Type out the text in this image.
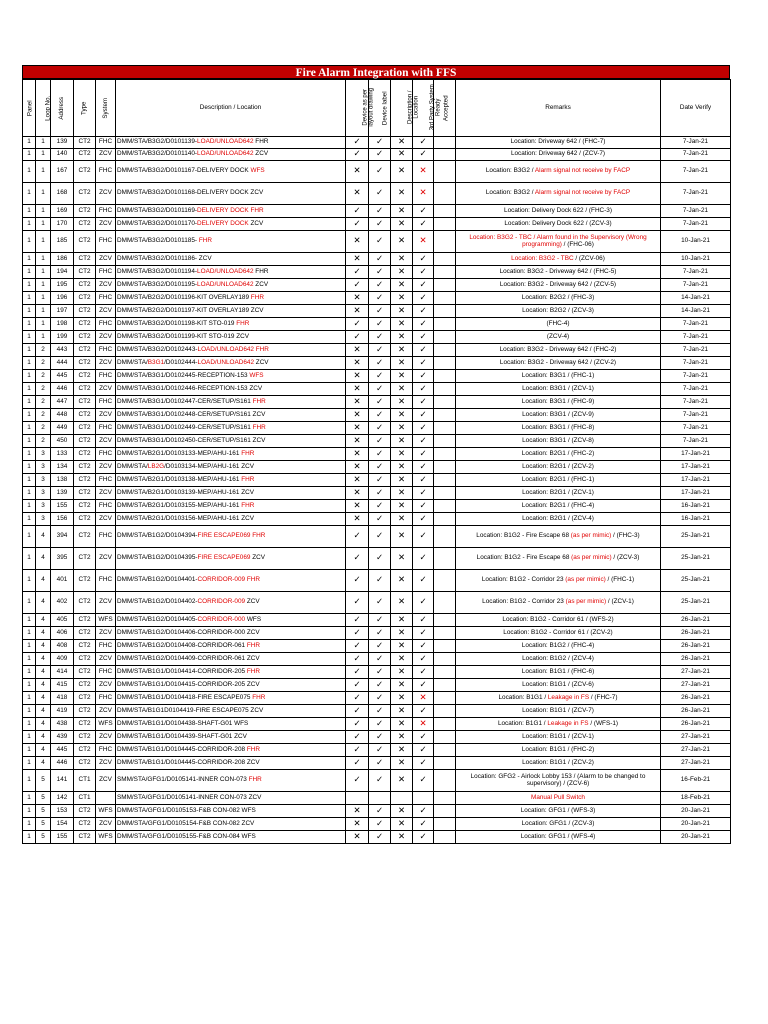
Fire Alarm Integration with FFS
Panel	Loop No.	Address	Type	System	Description / Location	Device as per layout drawing	Device label	Description / Location	3rd Party System Ready	Accepted	Remarks	Date Verify
1	1	139	CT2	FHC	DMM/STA/B3G2/D0101139-LOAD/UNLOAD642 FHR	✓	✓	✕	✓		Location: Driveway 642 / (FHC-7)	7-Jan-21
1	1	140	CT2	ZCV	DMM/STA/B3G2/D0101140-LOAD/UNLOAD642 ZCV	✓	✓	✕	✓		Location: Driveway 642 / (ZCV-7)	7-Jan-21
1	1	167	CT2	FHC	DMM/STA/B3G2/D0101167-DELIVERY DOCK WFS	✕	✓	✕	✕		Location: B3G2 / Alarm signal not receive by FACP	7-Jan-21
1	1	168	CT2	ZCV	DMM/STA/B3G2/D0101168-DELIVERY DOCK ZCV	✕	✓	✕	✕		Location: B3G2 / Alarm signal not receive by FACP	7-Jan-21
1	1	169	CT2	FHC	DMM/STA/B3G2/D0101169-DELIVERY DOCK FHR	✓	✓	✕	✓		Location: Delivery Dock 622 / (FHC-3)	7-Jan-21
1	1	170	CT2	ZCV	DMM/STA/B3G2/D0101170-DELIVERY DOCK ZCV	✓	✓	✕	✓		Location: Delivery Dock 622 / (ZCV-3)	7-Jan-21
1	1	185	CT2	FHC	DMM/STA/B3G2/D0101185- FHR	✕	✓	✕	✕		Location: B3G2 - TBC / Alarm found in the Supervisory (Wrong programming) / (FHC-06)	10-Jan-21
1	1	186	CT2	ZCV	DMM/STA/B3G2/D0101186- ZCV	✕	✓	✕	✓		Location: B3G2 - TBC / (ZCV-06)	10-Jan-21
1	1	194	CT2	FHC	DMM/STA/B3G2/D0101194-LOAD/UNLOAD642 FHR	✓	✓	✕	✓		Location: B3G2 - Driveway 642 / (FHC-5)	7-Jan-21
1	1	195	CT2	ZCV	DMM/STA/B3G2/D0101195-LOAD/UNLOAD642 ZCV	✓	✓	✕	✓		Location: B3G2 - Driveway 642 / (ZCV-5)	7-Jan-21
1	1	196	CT2	FHC	DMM/STA/B2G2/D0101196-KIT OVERLAY189 FHR	✕	✓	✕	✓		Location: B2G2 / (FHC-3)	14-Jan-21
1	1	197	CT2	ZCV	DMM/STA/B2G2/D0101197-KIT OVERLAY189 ZCV	✕	✓	✕	✓		Location: B2G2 / (ZCV-3)	14-Jan-21
1	1	198	CT2	FHC	DMM/STA/B3G2/D0101198-KIT STO-019 FHR	✓	✓	✕	✓		(FHC-4)	7-Jan-21
1	1	199	CT2	ZCV	DMM/STA/B3G2/D0101199-KIT STO-019 ZCV	✓	✓	✕	✓		(ZCV-4)	7-Jan-21
1	2	443	CT2	FHC	DMM/STA/B3G2/D0102443-LOAD/UNLOAD642 FHR	✕	✓	✕	✓		Location: B3G2 - Driveway 642 / (FHC-2)	7-Jan-21
1	2	444	CT2	ZCV	DMM/STA/B3G1/D0102444-LOAD/UNLOAD642 ZCV	✕	✓	✕	✓		Location: B3G2 - Driveway 642 / (ZCV-2)	7-Jan-21
1	2	445	CT2	FHC	DMM/STA/B3G1/D0102445-RECEPTION-153 WFS	✕	✓	✕	✓		Location: B3G1 / (FHC-1)	7-Jan-21
1	2	446	CT2	ZCV	DMM/STA/B3G1/D0102446-RECEPTION-153 ZCV	✕	✓	✕	✓		Location: B3G1 / (ZCV-1)	7-Jan-21
1	2	447	CT2	FHC	DMM/STA/B3G1/D0102447-CER/SETUP/S161 FHR	✕	✓	✕	✓		Location: B3G1 / (FHC-9)	7-Jan-21
1	2	448	CT2	ZCV	DMM/STA/B3G1/D0102448-CER/SETUP/S161 ZCV	✕	✓	✕	✓		Location: B3G1 / (ZCV-9)	7-Jan-21
1	2	449	CT2	FHC	DMM/STA/B3G1/D0102449-CER/SETUP/S161 FHR	✕	✓	✕	✓		Location: B3G1 / (FHC-8)	7-Jan-21
1	2	450	CT2	ZCV	DMM/STA/B3G1/D0102450-CER/SETUP/S161 ZCV	✕	✓	✕	✓		Location: B3G1 / (ZCV-8)	7-Jan-21
1	3	133	CT2	FHC	DMM/STA/B2G1/D0103133-MEP/AHU-161 FHR	✕	✓	✕	✓		Location: B2G1 / (FHC-2)	17-Jan-21
1	3	134	CT2	ZCV	DMM/STA/LB2G/D0103134-MEP/AHU-161 ZCV	✕	✓	✕	✓		Location: B2G1 / (ZCV-2)	17-Jan-21
1	3	138	CT2	FHC	DMM/STA/B2G1/D0103138-MEP/AHU-161 FHR	✕	✓	✕	✓		Location: B2G1 / (FHC-1)	17-Jan-21
1	3	139	CT2	ZCV	DMM/STA/B2G1/D0103139-MEP/AHU-161 ZCV	✕	✓	✕	✓		Location: B2G1 / (ZCV-1)	17-Jan-21
1	3	155	CT2	FHC	DMM/STA/B2G1/D0103155-MEP/AHU-161 FHR	✕	✓	✕	✓		Location: B2G1 / (FHC-4)	16-Jan-21
1	3	156	CT2	ZCV	DMM/STA/B2G1/D0103156-MEP/AHU-161 ZCV	✕	✓	✕	✓		Location: B2G1 / (ZCV-4)	16-Jan-21
1	4	394	CT2	FHC	DMM/STA/B1G2/D0104394-FIRE ESCAPE069 FHR	✓	✓	✕	✓		Location: B1G2 - Fire Escape 68 (as per mimic) / (FHC-3)	25-Jan-21
1	4	395	CT2	ZCV	DMM/STA/B1G2/D0104395-FIRE ESCAPE069 ZCV	✓	✓	✕	✓		Location: B1G2 - Fire Escape 68 (as per mimic) / (ZCV-3)	25-Jan-21
1	4	401	CT2	FHC	DMM/STA/B1G2/D0104401-CORRIDOR-009 FHR	✓	✓	✕	✓		Location: B1G2 - Corridor 23 (as per mimic) / (FHC-1)	25-Jan-21
1	4	402	CT2	ZCV	DMM/STA/B1G2/D0104402-CORRIDOR-009 ZCV	✓	✓	✕	✓		Location: B1G2 - Corridor 23 (as per mimic) / (ZCV-1)	25-Jan-21
1	4	405	CT2	WFS	DMM/STA/B1G2/D0104405-CORRIDOR-000 WFS	✓	✓	✕	✓		Location: B1G2 - Corridor 61 / (WFS-2)	26-Jan-21
1	4	406	CT2	ZCV	DMM/STA/B1G2/D0104406-CORRIDOR-000 ZCV	✓	✓	✕	✓		Location: B1G2 - Corridor 61 / (ZCV-2)	26-Jan-21
1	4	408	CT2	FHC	DMM/STA/B1G2/D0104408-CORRIDOR-061 FHR	✓	✓	✕	✓		Location: B1G2 / (FHC-4)	26-Jan-21
1	4	409	CT2	ZCV	DMM/STA/B1G2/D0104409-CORRIDOR-061 ZCV	✓	✓	✕	✓		Location: B1G2 / (ZCV-4)	26-Jan-21
1	4	414	CT2	FHC	DMM/STA/B1G1/D0104414-CORRIDOR-205 FHR	✓	✓	✕	✓		Location: B1G1 / (FHC-6)	27-Jan-21
1	4	415	CT2	ZCV	DMM/STA/B1G1/D0104415-CORRIDOR-205 ZCV	✓	✓	✕	✓		Location: B1G1 / (ZCV-6)	27-Jan-21
1	4	418	CT2	FHC	DMM/STA/B1G1/D0104418-FIRE ESCAPE075 FHR	✓	✓	✕	✕		Location: B1G1 / Leakage in FS / (FHC-7)	26-Jan-21
1	4	419	CT2	ZCV	DMM/STA/B1G1D0104419-FIRE ESCAPE075 ZCV	✓	✓	✕	✓		Location: B1G1 / (ZCV-7)	26-Jan-21
1	4	438	CT2	WFS	DMM/STA/B1G1/D0104438-SHAFT-G01 WFS	✓	✓	✕	✕		Location: B1G1 / Leakage in FS / (WFS-1)	26-Jan-21
1	4	439	CT2	ZCV	DMM/STA/B1G1/D0104439-SHAFT-G01 ZCV	✓	✓	✕	✓		Location: B1G1 / (ZCV-1)	27-Jan-21
1	4	445	CT2	FHC	DMM/STA/B1G1/D0104445-CORRIDOR-208 FHR	✓	✓	✕	✓		Location: B1G1 / (FHC-2)	27-Jan-21
1	4	446	CT2	ZCV	DMM/STA/B1G1/D0104445-CORRIDOR-208 ZCV	✓	✓	✕	✓		Location: B1G1 / (ZCV-2)	27-Jan-21
1	5	141	CT1	ZCV	SMM/STA/GFG1/D0105141-INNER CON-073 FHR	✓	✓	✕	✓		Location: GFG2 - Airlock Lobby 153 / (Alarm to be changed to supervisory) / (ZCV-6)	16-Feb-21
1	5	142	CT1		SMM/STA/GFG1/D0105141-INNER CON-073 ZCV						Manual Pull Switch	18-Feb-21
1	5	153	CT2	WFS	DMM/STA/GFG1/D0105153-F&B CON-082 WFS	✕	✓	✕	✓		Location: GFG1 / (WFS-3)	20-Jan-21
1	5	154	CT2	ZCV	DMM/STA/GFG1/D0105154-F&B CON-082 ZCV	✕	✓	✕	✓		Location: GFG1 / (ZCV-3)	20-Jan-21
1	5	155	CT2	WFS	DMM/STA/GFG1/D0105155-F&B CON-084 WFS	✕	✓	✕	✓		Location: GFG1 / (WFS-4)	20-Jan-21
